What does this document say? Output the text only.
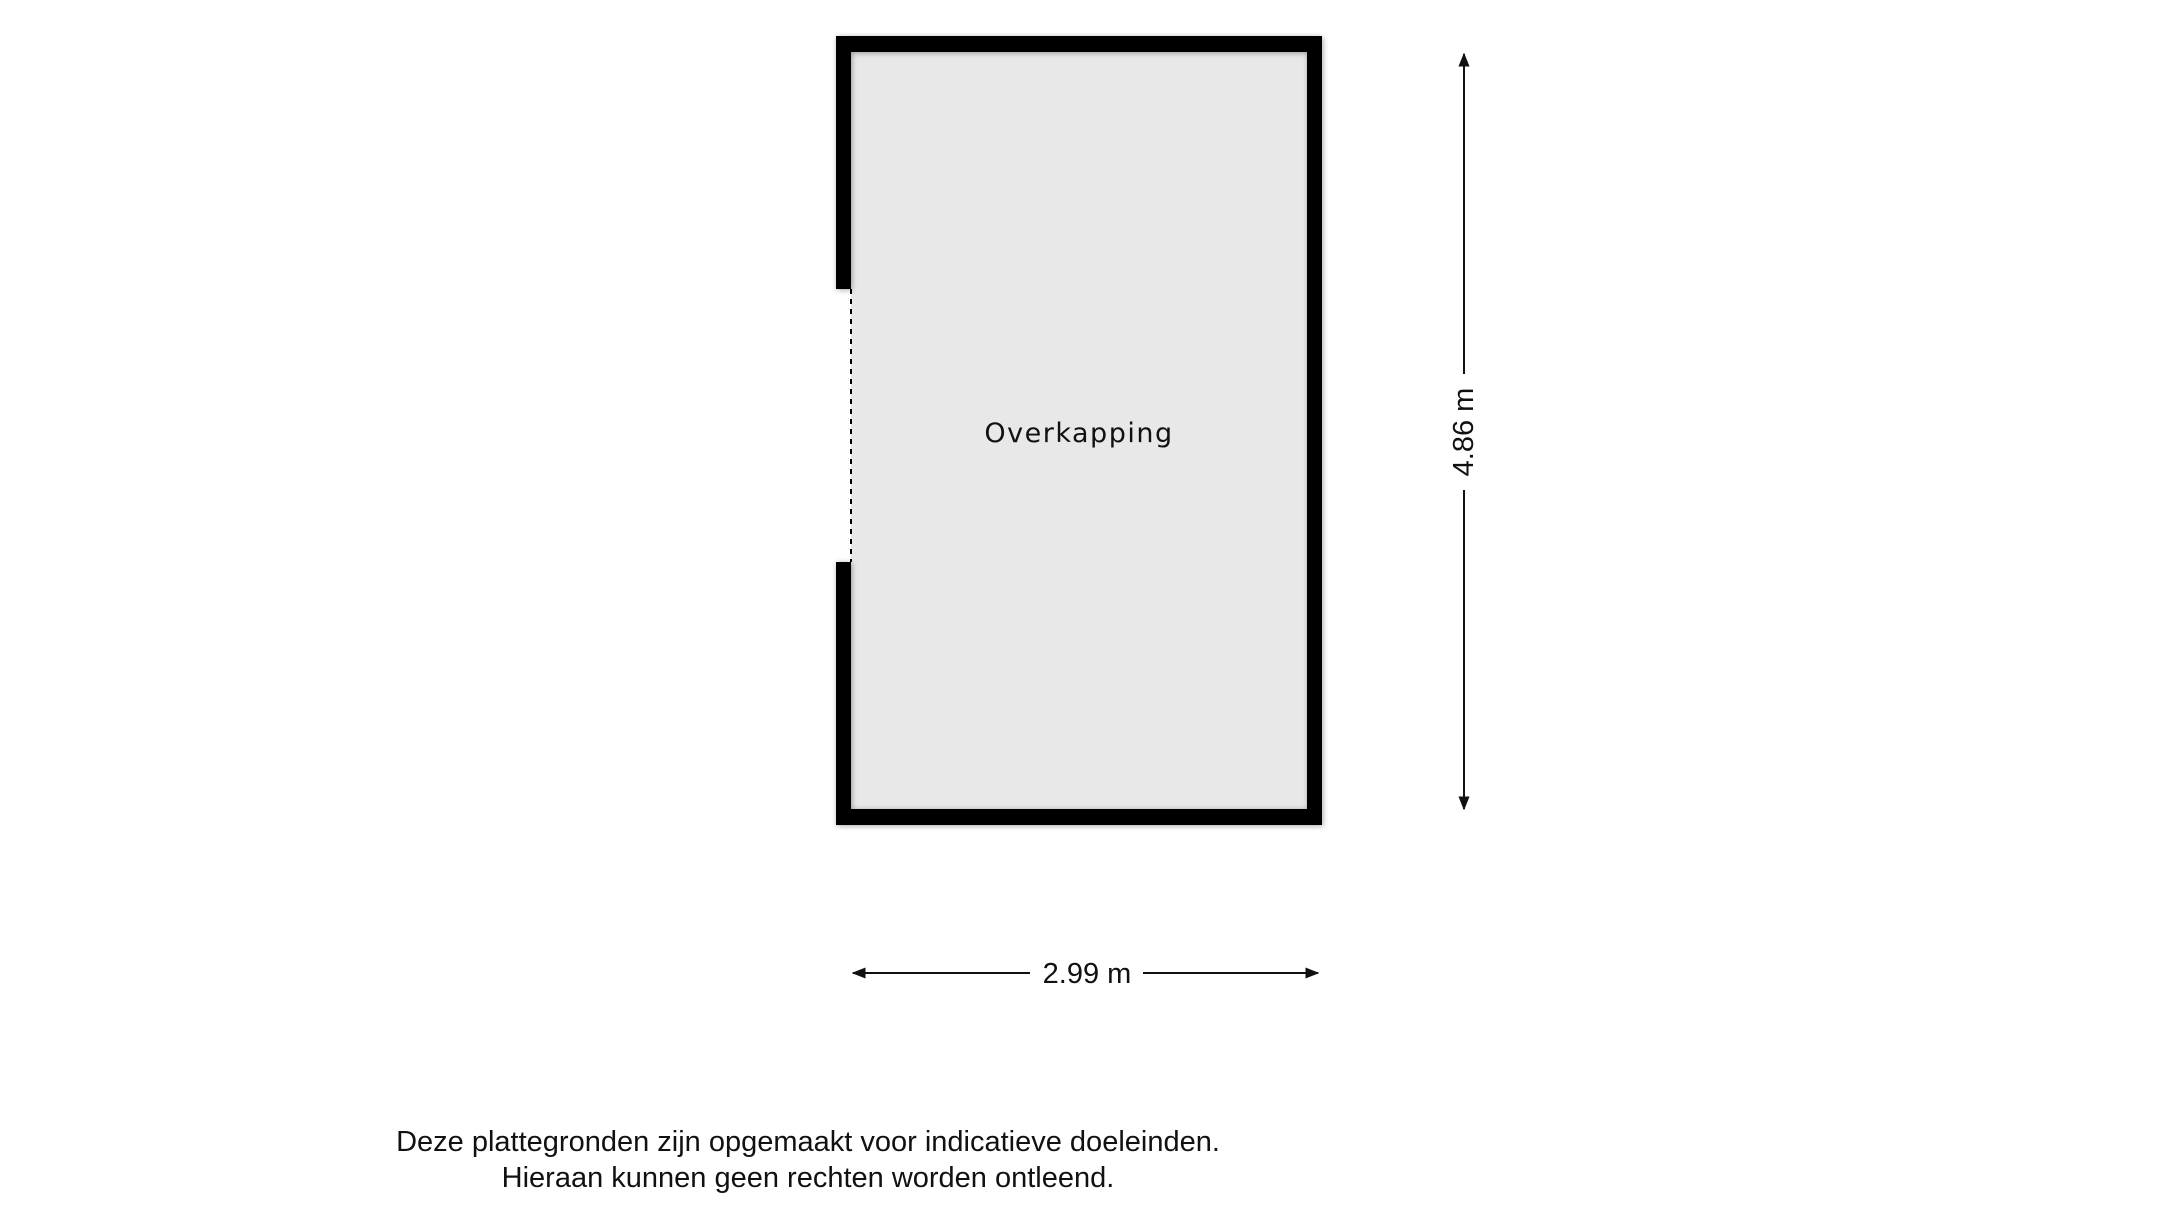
Overkapping
2.99 m
4.86 m
Deze plattegronden zijn opgemaakt voor indicatieve doeleinden.
Hieraan kunnen geen rechten worden ontleend.
